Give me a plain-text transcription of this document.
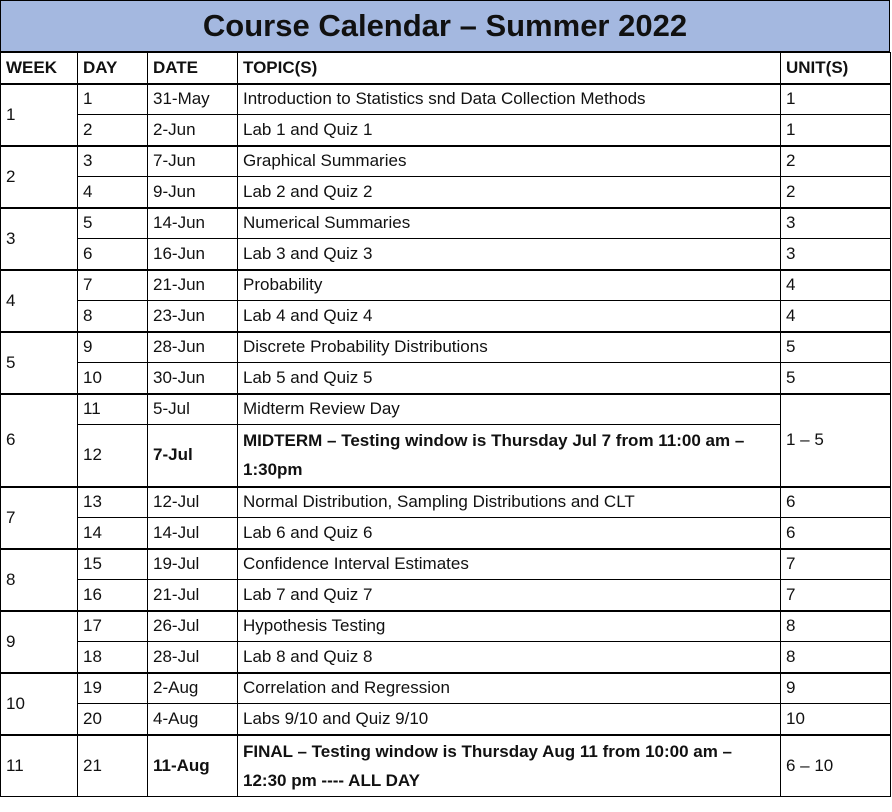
Course Calendar – Summer 2022
WEEK	DAY	DATE	TOPIC(S)	UNIT(S)
1	1	31-May	Introduction to Statistics snd Data Collection Methods	1
	2	2-Jun	Lab 1 and Quiz 1	1
2	3	7-Jun	Graphical Summaries	2
	4	9-Jun	Lab 2 and Quiz 2	2
3	5	14-Jun	Numerical Summaries	3
	6	16-Jun	Lab 3 and Quiz 3	3
4	7	21-Jun	Probability	4
	8	23-Jun	Lab 4 and Quiz 4	4
5	9	28-Jun	Discrete Probability Distributions	5
	10	30-Jun	Lab 5 and Quiz 5	5
6	11	5-Jul	Midterm Review Day	1 – 5
	12	7-Jul	MIDTERM – Testing window is Thursday Jul 7 from 11:00 am – 1:30pm	
7	13	12-Jul	Normal Distribution, Sampling Distributions and CLT	6
	14	14-Jul	Lab 6 and Quiz 6	6
8	15	19-Jul	Confidence Interval Estimates	7
	16	21-Jul	Lab 7 and Quiz 7	7
9	17	26-Jul	Hypothesis Testing	8
	18	28-Jul	Lab 8 and Quiz 8	8
10	19	2-Aug	Correlation and Regression	9
	20	4-Aug	Labs 9/10 and Quiz 9/10	10
11	21	11-Aug	FINAL – Testing window is Thursday Aug 11 from 10:00 am – 12:30 pm ---- ALL DAY	6 – 10
